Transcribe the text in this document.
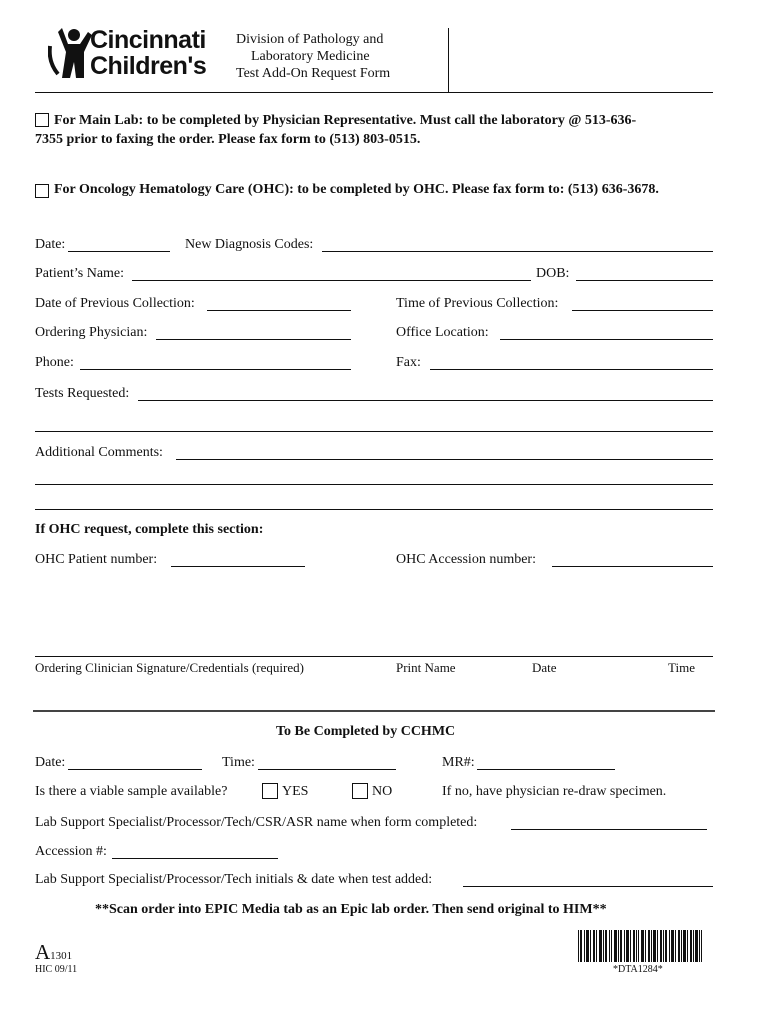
Cincinnati
Children's
Division of Pathology and
Laboratory Medicine
Test Add-On Request Form
For Main Lab: to be completed by Physician Representative. Must call the laboratory @ 513-636-
7355 prior to faxing the order. Please fax form to (513) 803-0515.
For Oncology Hematology Care (OHC): to be completed by OHC. Please fax form to: (513) 636-3678.
Date:	New Diagnosis Codes:
Patient’s Name:	DOB:
Date of Previous Collection:	Time of Previous Collection:
Ordering Physician:	Office Location:
Phone:	Fax:
Tests Requested:
Additional Comments:
If OHC request, complete this section:
OHC Patient number:	OHC Accession number:
Ordering Clinician Signature/Credentials (required)	Print Name	Date	Time
To Be Completed by CCHMC
Date:	Time:	MR#:
Is there a viable sample available?	YES	NO	If no, have physician re-draw specimen.
Lab Support Specialist/Processor/Tech/CSR/ASR name when form completed:
Accession #:
Lab Support Specialist/Processor/Tech initials & date when test added:
**Scan order into EPIC Media tab as an Epic lab order. Then send original to HIM**
A1301
HIC 09/11	*DTA1284*
